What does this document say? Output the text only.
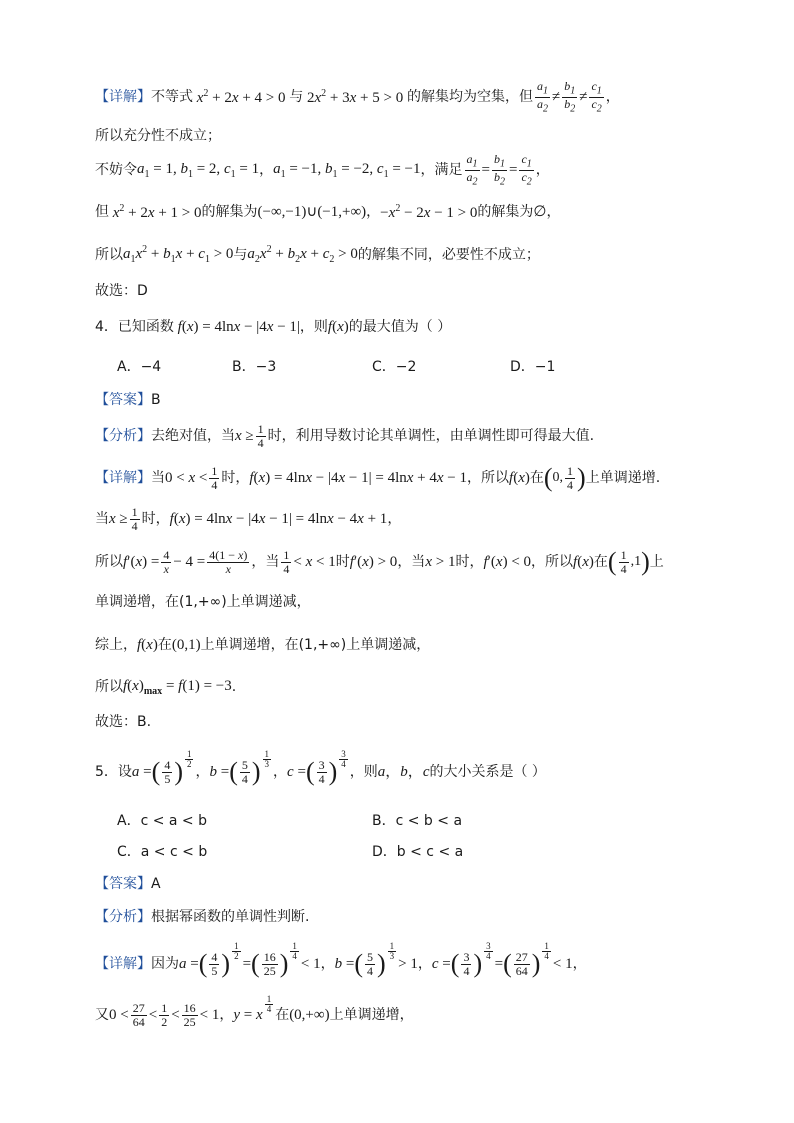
【详解】 不等式 $x^2 + 2x + 4 > 0$ 与 $2x^2 + 3x + 5 > 0$ 的解集均为空集，但 $\frac{a_1}{a_2} \ne \frac{b_1}{b_2} \ne \frac{c_1}{c_2}$ ，
所以充分性不成立；
不妨令 $a_1 = 1$, $b_1 = 2$, $c_1 = 1$ ， $a_1 = -1$, $b_1 = -2$, $c_1 = -1$ ， 满足 $\frac{a_1}{a_2} = \frac{b_1}{b_2} = \frac{c_1}{c_2}$ ，
但 $x^2 + 2x + 1 > 0$ 的解集为 (−∞,−1)∪(−1,+∞) ， $-x^2 - 2x - 1 > 0$ 的解集为 ∅ ，
所以 $a_1x^2 + b_1x + c_1 > 0$ 与 $a_2x^2 + b_2x + c_2 > 0$ 的解集不同，必要性不成立；
故选：D
4．已知函数 f(x) = 4lnx − |4x − 1| ，则 f(x) 的最大值为（ ）
A．−4	B．−3	C．−2	D．−1
【答案】 B
【分析】 去绝对值，当 $x \ge \frac{1}{4}$ 时，利用导数讨论其单调性，由单调性即可得最大值.
【详解】 当 $0 < x < \frac{1}{4}$ 时， f(x) = 4lnx − |4x − 1| = 4lnx + 4x − 1 ，所以 f(x) 在 ( 0, $\frac{1}{4}$ ) 上单调递增.
当 $x \ge \frac{1}{4}$ 时， f(x) = 4lnx − |4x − 1| = 4lnx − 4x + 1 ，
所以 $f'(x) = \frac{4}{x} - 4 = \frac{4(1 - x)}{x}$ ，当 $\frac{1}{4} < x < 1$ 时 f′(x) > 0 ，当 x > 1 时， f′(x) < 0 ，所以 f(x) 在 ( $\frac{1}{4} ,1$ ) 上
单调递增，在(1,+∞)上单调递减，
综上， f(x) 在 (0,1) 上单调递增，在(1,+∞)上单调递减，
所以 $f(x)_{max} = f(1) = -3$ .
故选：B.
5．设 a = ( $\frac{4}{5}$ ) $\frac{1}{2}$
， b = ( $\frac{5}{4}$ ) $\frac{1}{3}$
， c = ( $\frac{3}{4}$ ) $\frac{3}{4}$
，则 a，b，c 的大小关系是（ ）
A．c < a < b	B．c < b < a
C．a < c < b	D．b < c < a
【答案】 A
【分析】 根据幂函数的单调性判断.
【详解】 因为 a = ( $\frac{4}{5}$ ) $\frac{1}{2}$
= ( $\frac{16}{25}$ ) $\frac{1}{4}$
< 1 ， b = ( $\frac{5}{4}$ ) $\frac{1}{3}$
> 1 ， c = ( $\frac{3}{4}$ ) $\frac{3}{4}$
= ( $\frac{27}{64}$ ) $\frac{1}{4}$
< 1 ，
又 $0 < \frac{27}{64} < \frac{1}{2} < \frac{16}{25} < 1$ ， y = x
$\frac{1}{4}$ 在 (0,+∞) 上单调递增，
